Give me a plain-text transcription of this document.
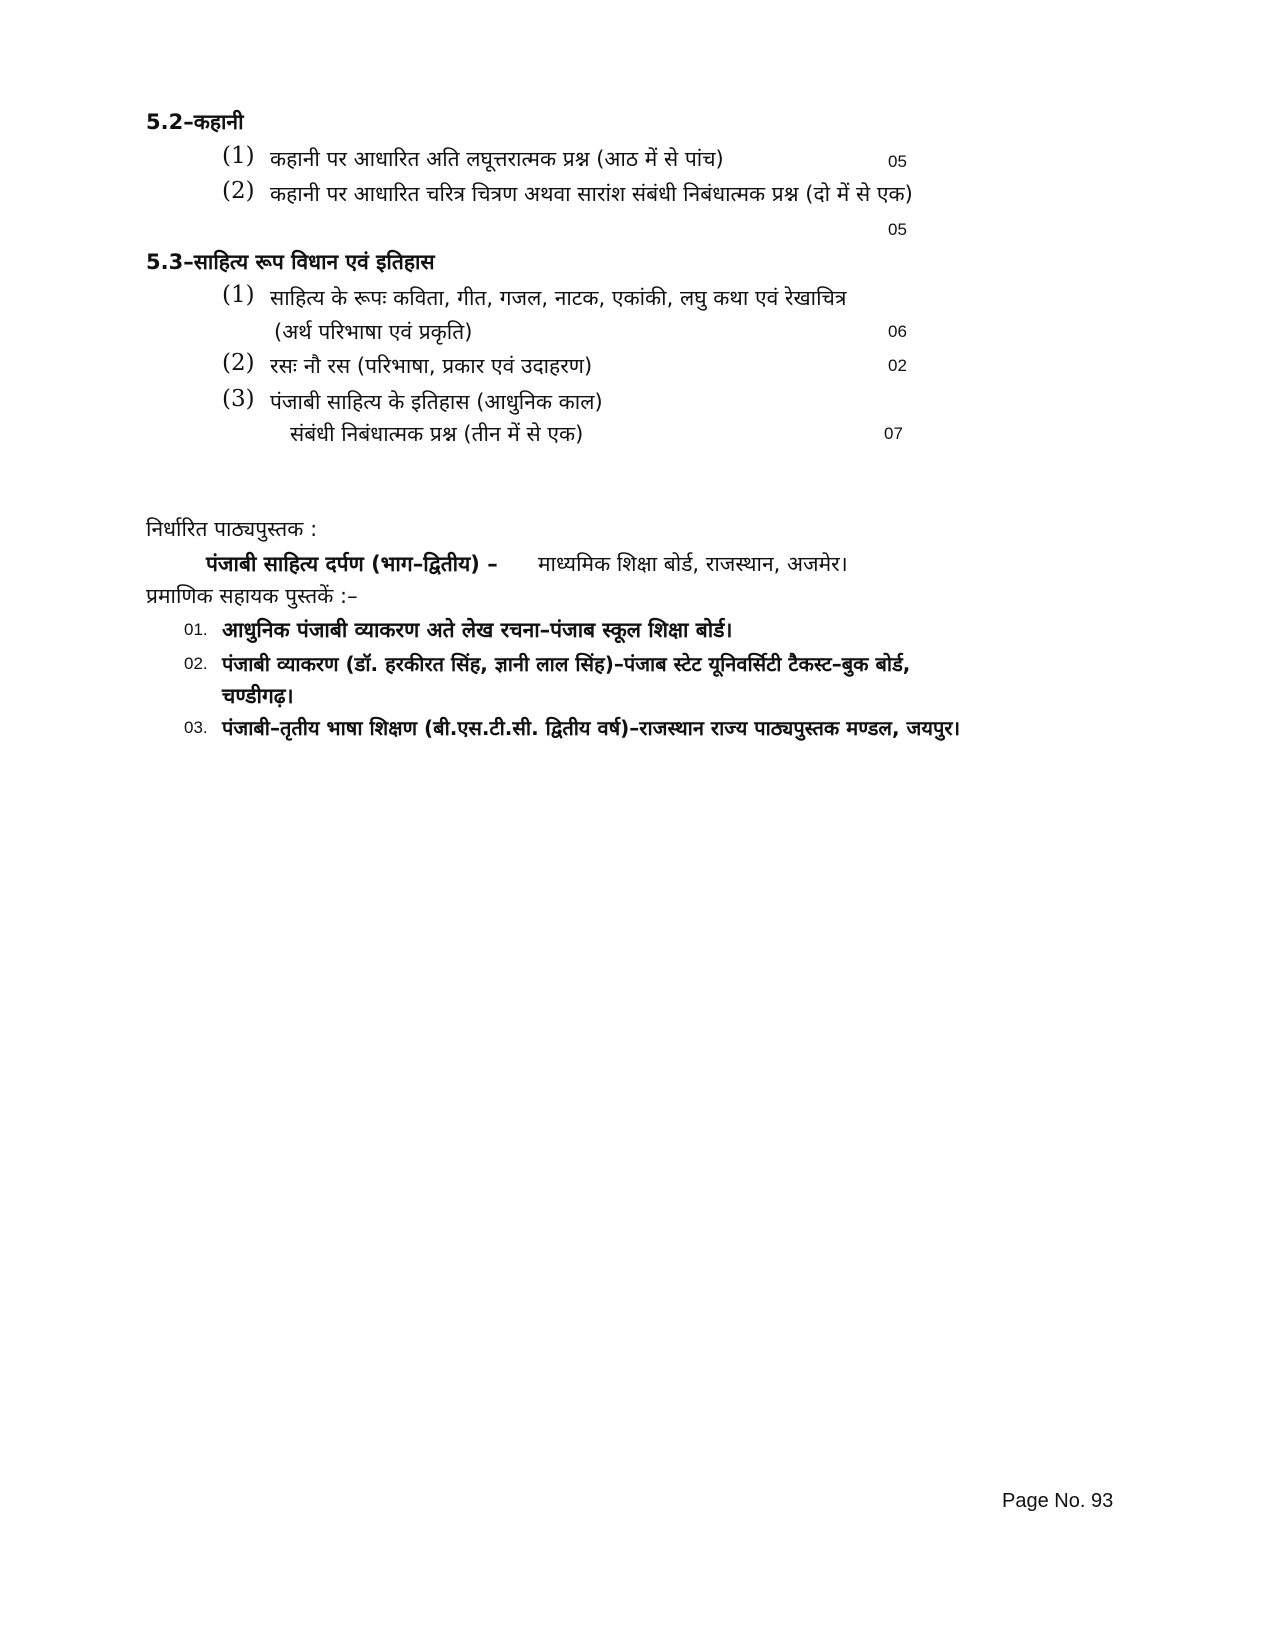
5.2–कहानी
(1) कहानी पर आधारित अति लघूत्तरात्मक प्रश्न (आठ में से पांच)	05
(2) कहानी पर आधारित चरित्र चित्रण अथवा सारांश संबंधी निबंधात्मक प्रश्न (दो में से एक)
05
5.3–साहित्य रूप विधान एवं इतिहास
(1) साहित्य के रूपः कविता, गीत, गजल, नाटक, एकांकी, लघु कथा एवं रेखाचित्र
(अर्थ परिभाषा एवं प्रकृति)	06
(2) रसः नौ रस (परिभाषा, प्रकार एवं उदाहरण)	02
(3) पंजाबी साहित्य के इतिहास (आधुनिक काल)
संबंधी निबंधात्मक प्रश्न (तीन में से एक)	07
निर्धारित पाठ्यपुस्तक :
पंजाबी साहित्य दर्पण (भाग–द्वितीय) – माध्यमिक शिक्षा बोर्ड, राजस्थान, अजमेर।
प्रमाणिक सहायक पुस्तकें :–
01. आधुनिक पंजाबी व्याकरण अते लेख रचना–पंजाब स्कूल शिक्षा बोर्ड।
02. पंजाबी व्याकरण (डॉ. हरकीरत सिंह, ज्ञानी लाल सिंह)–पंजाब स्टेट यूनिवर्सिटी टैकस्ट–बुक बोर्ड,
चण्डीगढ़।
03. पंजाबी–तृतीय भाषा शिक्षण (बी.एस.टी.सी. द्वितीय वर्ष)–राजस्थान राज्य पाठ्यपुस्तक मण्डल, जयपुर।
Page No. 93
